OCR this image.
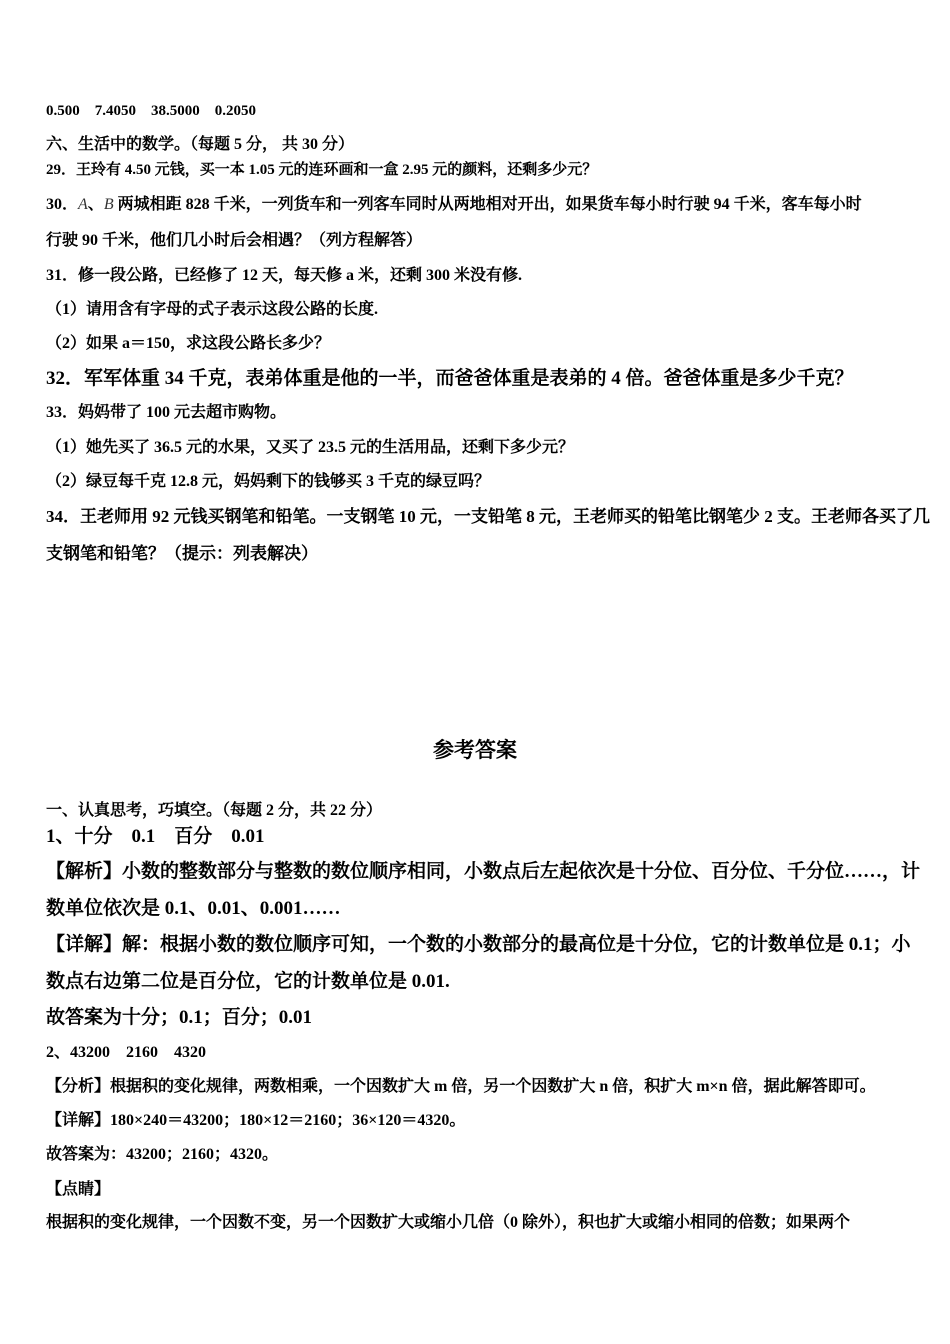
0.500　7.4050　38.5000　0.2050
六、生活中的数学。（每题 5 分， 共 30 分）
29．王玲有 4.50 元钱，买一本 1.05 元的连环画和一盒 2.95 元的颜料，还剩多少元？
30．A、B 两城相距 828 千米，一列货车和一列客车同时从两地相对开出，如果货车每小时行驶 94 千米，客车每小时
行驶 90 千米，他们几小时后会相遇？（列方程解答）
31．修一段公路，已经修了 12 天，每天修 a 米，还剩 300 米没有修.
（1）请用含有字母的式子表示这段公路的长度.
（2）如果 a＝150，求这段公路长多少？
32．军军体重 34 千克，表弟体重是他的一半，而爸爸体重是表弟的 4 倍。爸爸体重是多少千克？
33．妈妈带了 100 元去超市购物。
（1）她先买了 36.5 元的水果，又买了 23.5 元的生活用品，还剩下多少元？
（2）绿豆每千克 12.8 元，妈妈剩下的钱够买 3 千克的绿豆吗？
34．王老师用 92 元钱买钢笔和铅笔。一支钢笔 10 元，一支铅笔 8 元，王老师买的铅笔比钢笔少 2 支。王老师各买了几
支钢笔和铅笔？（提示：列表解决）
参考答案
一、认真思考，巧填空。（每题 2 分，共 22 分）
1、十分　0.1　百分　0.01
【解析】小数的整数部分与整数的数位顺序相同，小数点后左起依次是十分位、百分位、千分位……，计
数单位依次是 0.1、0.01、0.001……
【详解】解：根据小数的数位顺序可知，一个数的小数部分的最高位是十分位，它的计数单位是 0.1；小
数点右边第二位是百分位，它的计数单位是 0.01.
故答案为十分；0.1；百分；0.01
2、43200　2160　4320
【分析】根据积的变化规律，两数相乘，一个因数扩大 m 倍，另一个因数扩大 n 倍，积扩大 m×n 倍，据此解答即可。
【详解】180×240＝43200；180×12＝2160；36×120＝4320。
故答案为：43200；2160；4320。
【点睛】
根据积的变化规律，一个因数不变，另一个因数扩大或缩小几倍（0 除外），积也扩大或缩小相同的倍数；如果两个
